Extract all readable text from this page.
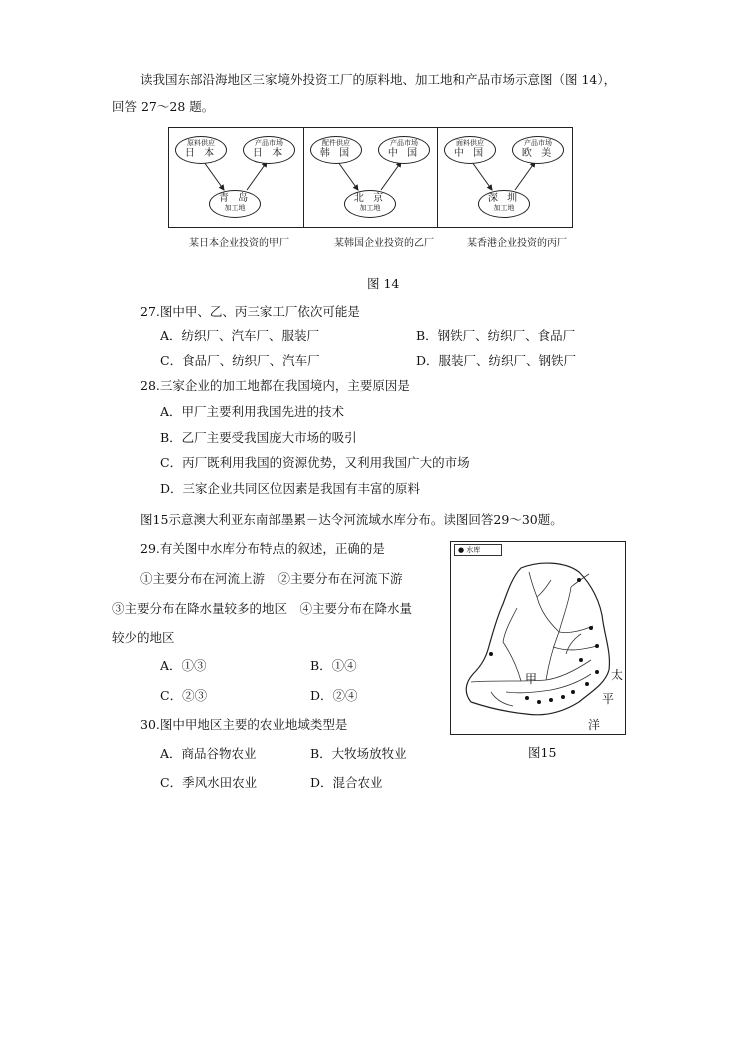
读我国东部沿海地区三家境外投资工厂的原料地、加工地和产品市场示意图（图 14），
回答 27～28 题。
原料供应
日 本
产品市场
日 本
青 岛
加工地
配件供应
韩 国
产品市场
中 国
北 京
加工地
面料供应
中 国
产品市场
欧 美
深 圳
加工地
某日本企业投资的甲厂	某韩国企业投资的乙厂	某香港企业投资的丙厂
图 14
27.图中甲、乙、丙三家工厂依次可能是
A．纺织厂、汽车厂、服装厂	B．钢铁厂、纺织厂、食品厂
C．食品厂、纺织厂、汽车厂	D．服装厂、纺织厂、钢铁厂
28.三家企业的加工地都在我国境内，主要原因是
A．甲厂主要利用我国先进的技术
B．乙厂主要受我国庞大市场的吸引
C．丙厂既利用我国的资源优势，又利用我国广大的市场
D．三家企业共同区位因素是我国有丰富的原料
图15示意澳大利亚东南部墨累－达令河流域水库分布。读图回答29～30题。
29.有关图中水库分布特点的叙述，正确的是
①主要分布在河流上游　②主要分布在河流下游
③主要分布在降水量较多的地区　④主要分布在降水量
较少的地区
A．①③	B．①④
C．②③	D．②④
30.图中甲地区主要的农业地域类型是
A．商品谷物农业	B．大牧场放牧业
C．季风水田农业	D．混合农业
● 水库
甲	太
平
洋
图15
